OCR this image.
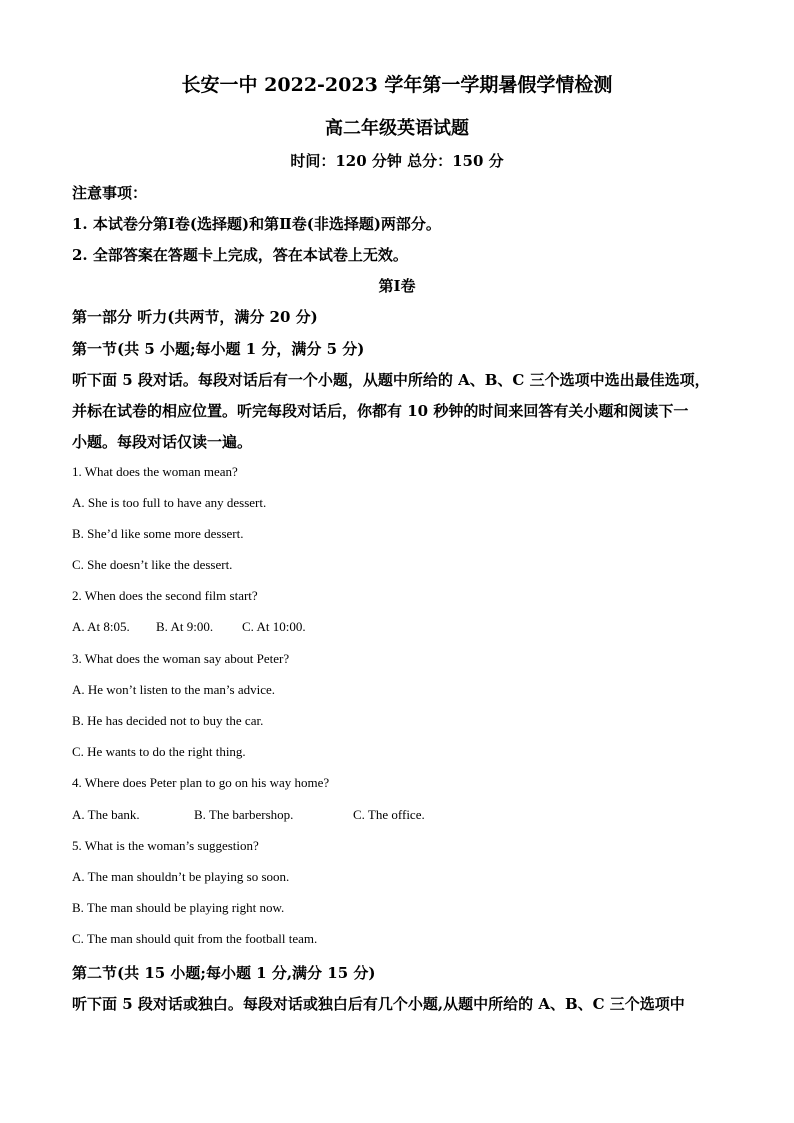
长安一中 2022-2023 学年第一学期暑假学情检测
高二年级英语试题
时间：120 分钟 总分：150 分
注意事项：
1. 本试卷分第Ⅰ卷(选择题)和第Ⅱ卷(非选择题)两部分。
2. 全部答案在答题卡上完成，答在本试卷上无效。
第Ⅰ卷
第一部分 听力(共两节，满分 20 分)
第一节(共 5 小题;每小题 1 分，满分 5 分)
听下面 5 段对话。每段对话后有一个小题，从题中所给的 A、B、C 三个选项中选出最佳选项，
并标在试卷的相应位置。听完每段对话后，你都有 10 秒钟的时间来回答有关小题和阅读下一
小题。每段对话仅读一遍。
1. What does the woman mean?
A. She is too full to have any dessert.
B. She’d like some more dessert.
C. She doesn’t like the dessert.
2. When does the second film start?
A. At 8:05. B. At 9:00. C. At 10:00.
3. What does the woman say about Peter?
A. He won’t listen to the man’s advice.
B. He has decided not to buy the car.
C. He wants to do the right thing.
4. Where does Peter plan to go on his way home?
A. The bank.	B. The barbershop.	C. The office.
5. What is the woman’s suggestion?
A. The man shouldn’t be playing so soon.
B. The man should be playing right now.
C. The man should quit from the football team.
第二节(共 15 小题;每小题 1 分,满分 15 分)
听下面 5 段对话或独白。每段对话或独白后有几个小题,从题中所给的 A、B、C 三个选项中
